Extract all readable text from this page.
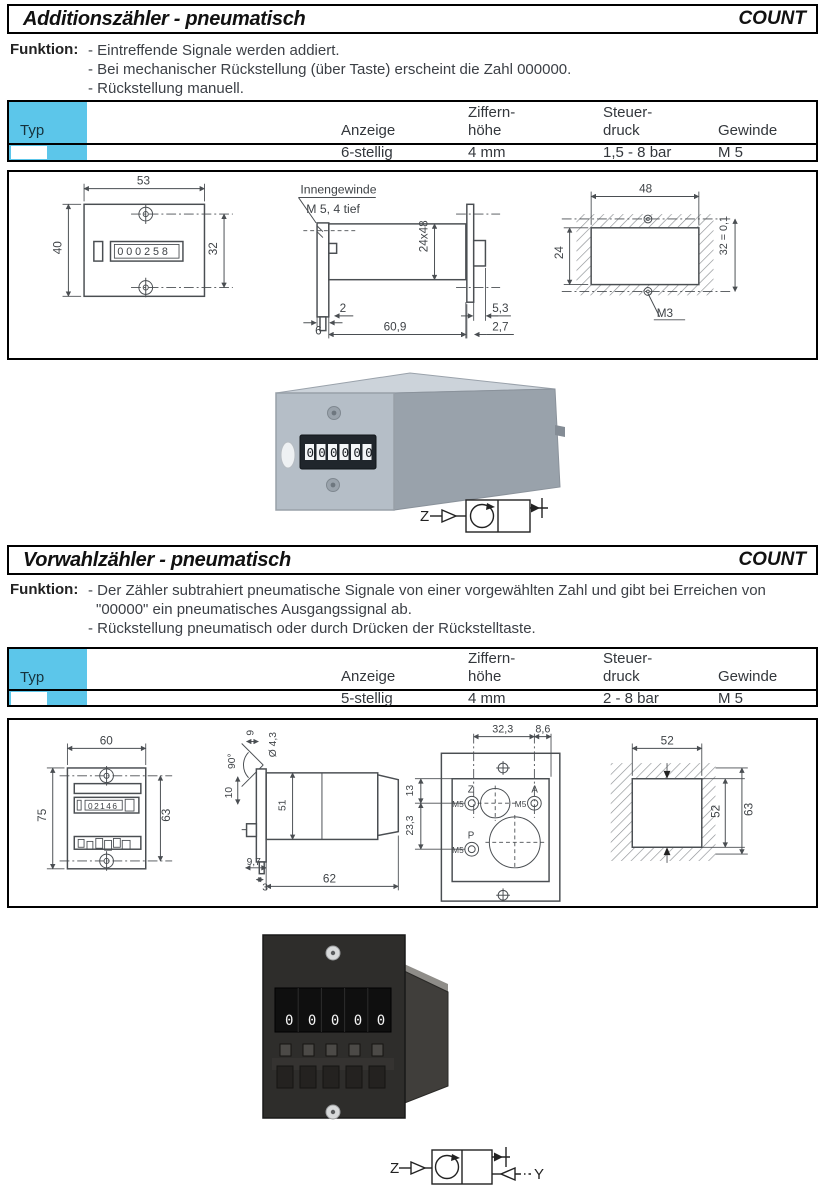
Additionszähler - pneumatisch	COUNT
Funktion: - Eintreffende Signale werden addiert.
- Bei mechanischer Rückstellung (über Taste) erscheint die Zahl 000000.
- Rückstellung manuell.
Typ	Anzeige
Ziffern-
höhe
Steuer-
druck	Gewinde
6-stellig	4 mm	1,5 - 8 bar	M 5
000258
53
40	32
Innengewinde
M 5, 4 tief
24x48
2
6	60,9
5,3
2,7
48
24	32 = 0,1
M3
000000
Z
Vorwahlzähler - pneumatisch	COUNT
Funktion: - Der Zähler subtrahiert pneumatische Signale von einer vorgewählten Zahl und gibt bei Erreichen von
"00000" ein pneumatisches Ausgangssignal ab.
- Rückstellung pneumatisch oder durch Drücken der Rückstelltaste.
Typ	Anzeige
Ziffern-
höhe
Steuer-
druck	Gewinde
5-stellig	4 mm	2 - 8 bar	M 5
02146
60
75	63
90°
9 Ø 4,3
10
51
9,7
3
62
32,3 8,6
13
23,3
Z
M5
A
M5
P
M5
52
52 63
00000
Z	Y
